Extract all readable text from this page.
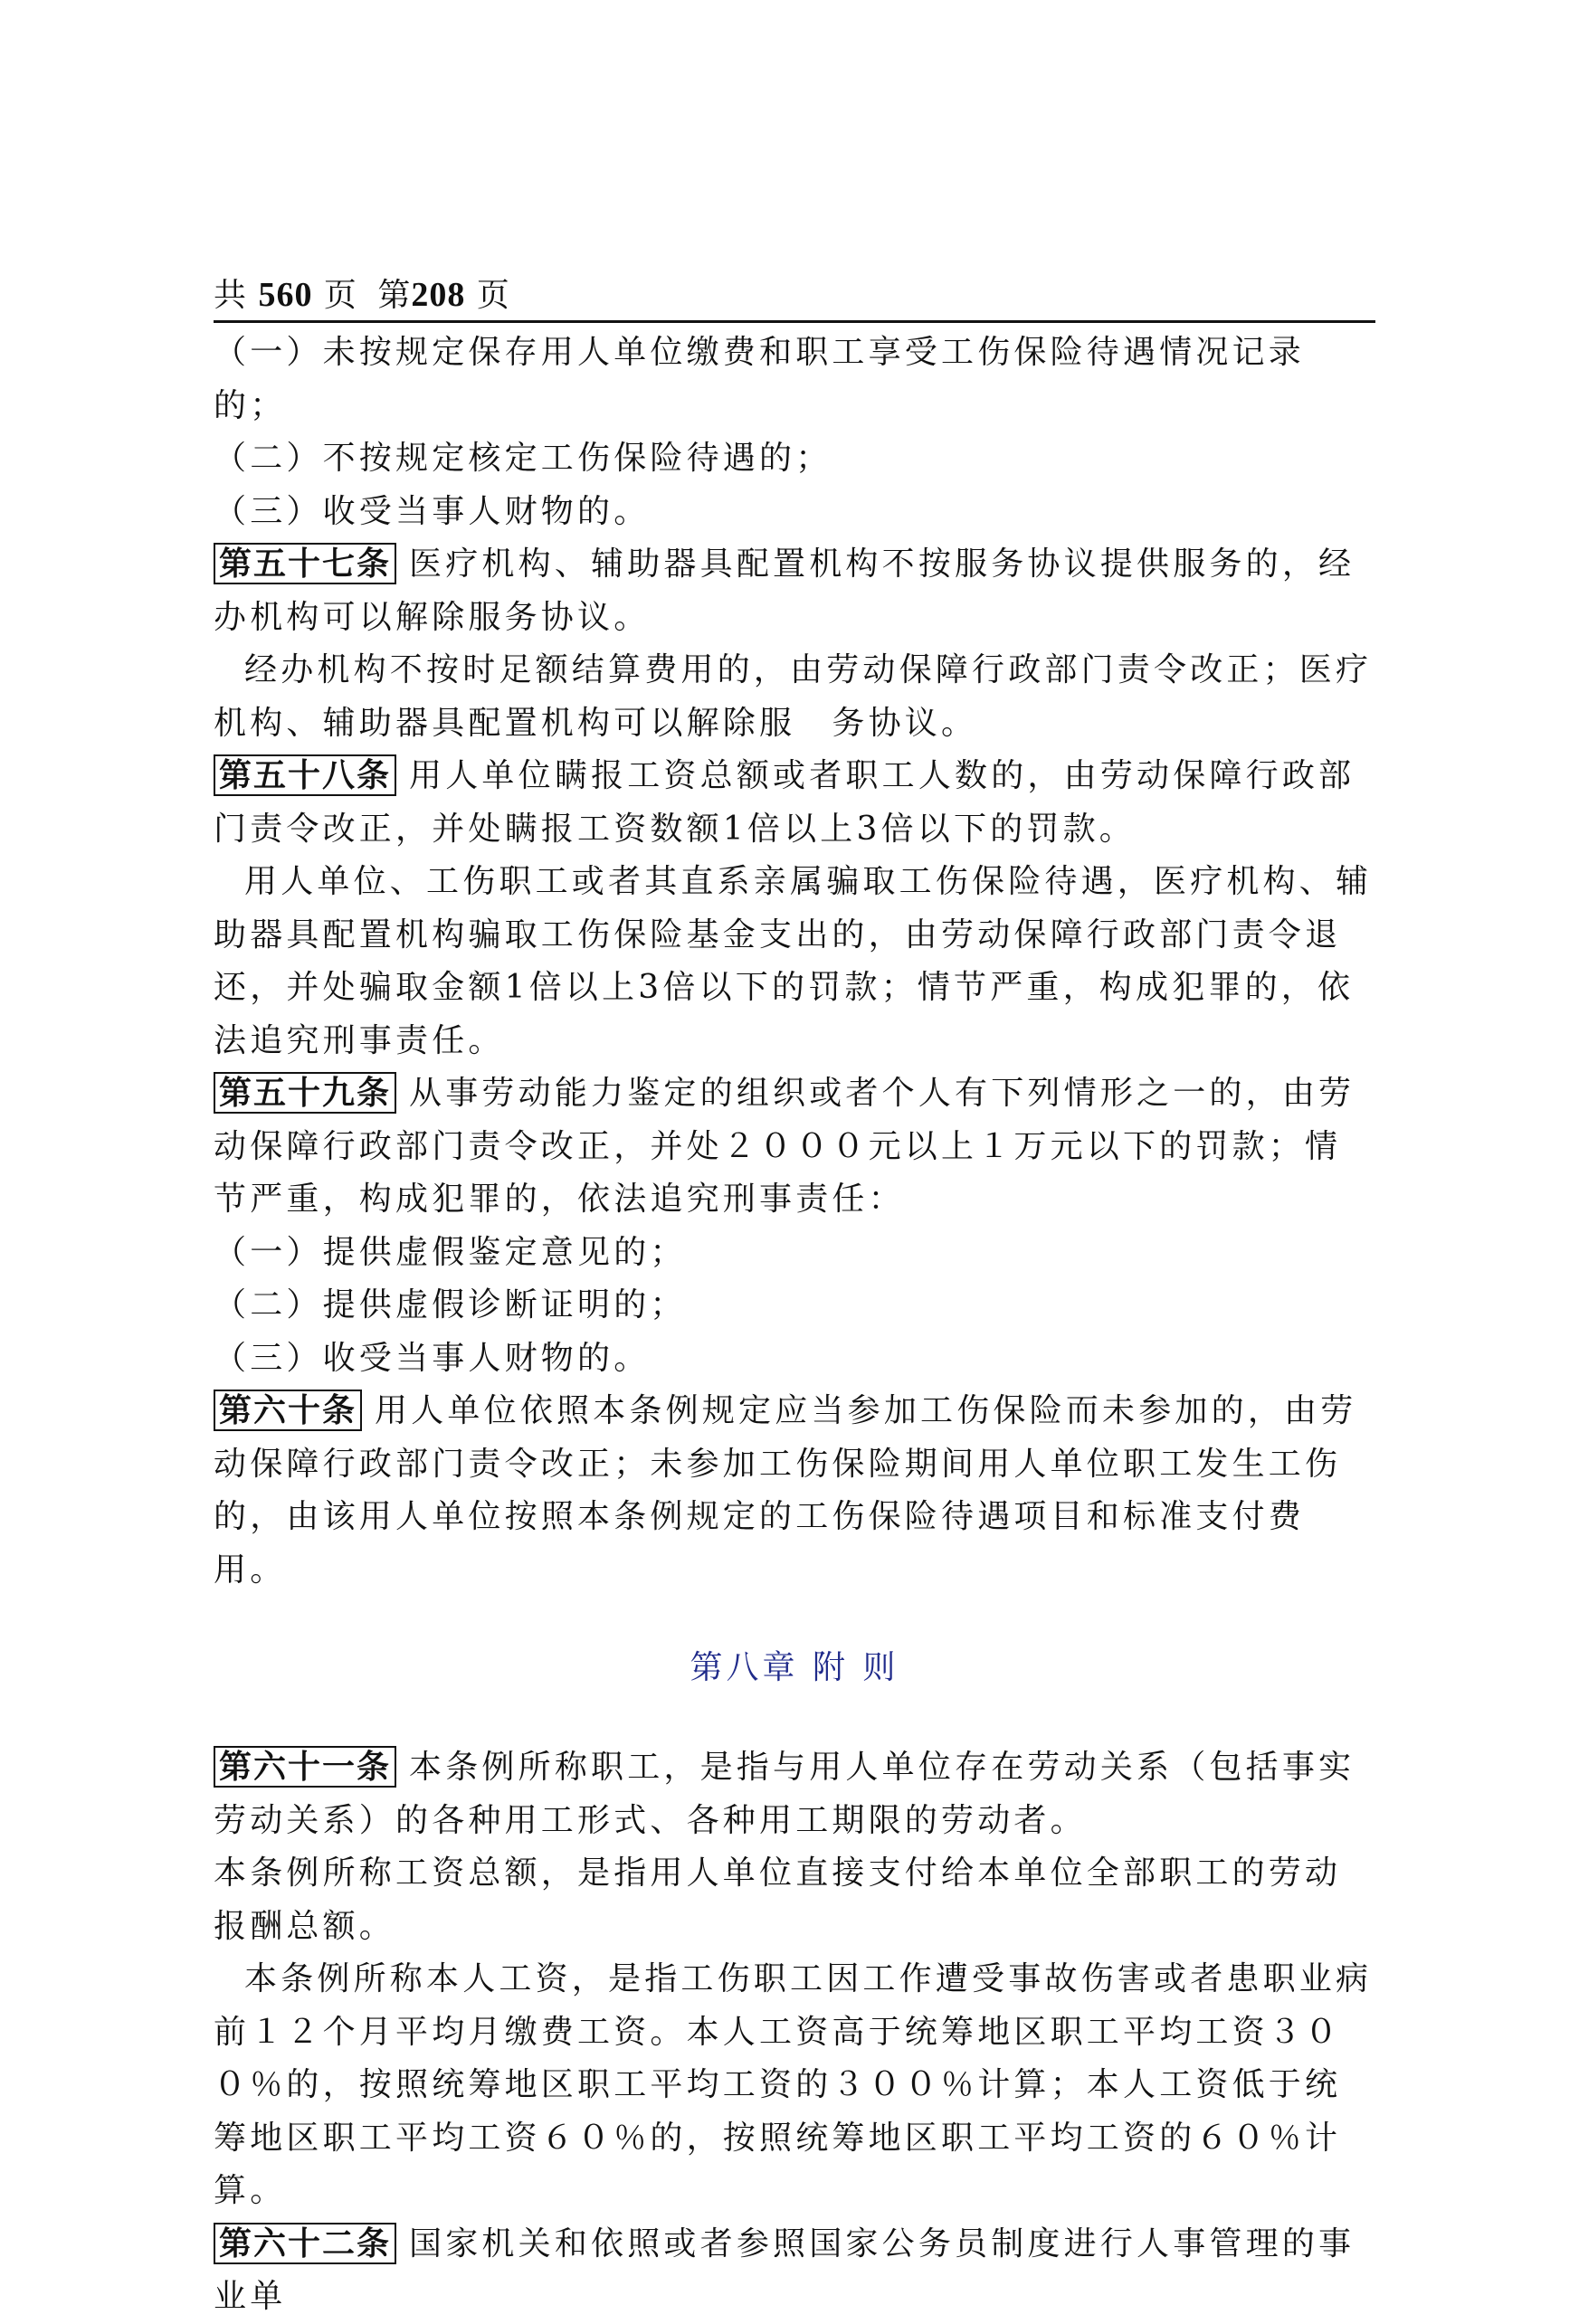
共 560 页 第208 页
（一）未按规定保存用人单位缴费和职工享受工伤保险待遇情况记录的；
（二）不按规定核定工伤保险待遇的；
（三）收受当事人财物的。
第五十七条 医疗机构、辅助器具配置机构不按服务协议提供服务的，经办机构可以解除服务协议。
经办机构不按时足额结算费用的，由劳动保障行政部门责令改正；医疗机构、辅助器具配置机构可以解除服　务协议。
第五十八条 用人单位瞒报工资总额或者职工人数的，由劳动保障行政部门责令改正，并处瞒报工资数额1倍以上3倍以下的罚款。
用人单位、工伤职工或者其直系亲属骗取工伤保险待遇，医疗机构、辅助器具配置机构骗取工伤保险基金支出的，由劳动保障行政部门责令退还，并处骗取金额1倍以上3倍以下的罚款；情节严重，构成犯罪的，依法追究刑事责任。
第五十九条 从事劳动能力鉴定的组织或者个人有下列情形之一的，由劳动保障行政部门责令改正，并处２０００元以上１万元以下的罚款；情节严重，构成犯罪的，依法追究刑事责任：
（一）提供虚假鉴定意见的；
（二）提供虚假诊断证明的；
（三）收受当事人财物的。
第六十条 用人单位依照本条例规定应当参加工伤保险而未参加的，由劳动保障行政部门责令改正；未参加工伤保险期间用人单位职工发生工伤的，由该用人单位按照本条例规定的工伤保险待遇项目和标准支付费用。
第八章 附 则
第六十一条 本条例所称职工，是指与用人单位存在劳动关系（包括事实劳动关系）的各种用工形式、各种用工期限的劳动者。
本条例所称工资总额，是指用人单位直接支付给本单位全部职工的劳动报酬总额。
本条例所称本人工资，是指工伤职工因工作遭受事故伤害或者患职业病前１２个月平均月缴费工资。本人工资高于统筹地区职工平均工资３００％的，按照统筹地区职工平均工资的３００％计算；本人工资低于统筹地区职工平均工资６０％的，按照统筹地区职工平均工资的６０％计算。
第六十二条 国家机关和依照或者参照国家公务员制度进行人事管理的事业单
